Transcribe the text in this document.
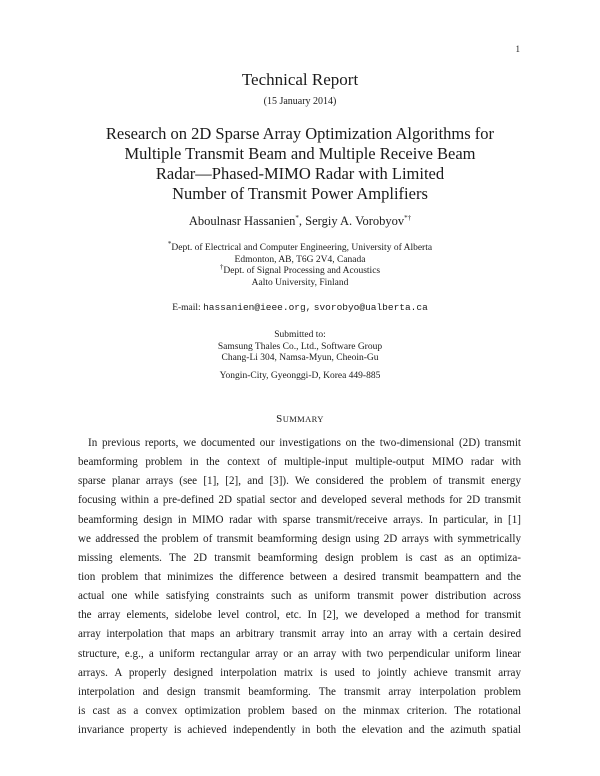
1
Technical Report
(15 January 2014)
Research on 2D Sparse Array Optimization Algorithms for
Multiple Transmit Beam and Multiple Receive Beam
Radar—Phased-MIMO Radar with Limited
Number of Transmit Power Amplifiers
Aboulnasr Hassanien*, Sergiy A. Vorobyov*†
*Dept. of Electrical and Computer Engineering, University of Alberta
Edmonton, AB, T6G 2V4, Canada
†Dept. of Signal Processing and Acoustics
Aalto University, Finland
E-mail: hassanien@ieee.org, svorobyo@ualberta.ca
Submitted to:
Samsung Thales Co., Ltd., Software Group
Chang-Li 304, Namsa-Myun, Cheoin-Gu
Yongin-City, Gyeonggi-D, Korea 449-885
SUMMARY
In previous reports, we documented our investigations on the two-dimensional (2D) transmit
beamforming problem in the context of multiple-input multiple-output MIMO radar with
sparse planar arrays (see [1], [2], and [3]). We considered the problem of transmit energy
focusing within a pre-defined 2D spatial sector and developed several methods for 2D transmit
beamforming design in MIMO radar with sparse transmit/receive arrays. In particular, in [1]
we addressed the problem of transmit beamforming design using 2D arrays with symmetrically
missing elements. The 2D transmit beamforming design problem is cast as an optimiza-
tion problem that minimizes the difference between a desired transmit beampattern and the
actual one while satisfying constraints such as uniform transmit power distribution across
the array elements, sidelobe level control, etc. In [2], we developed a method for transmit
array interpolation that maps an arbitrary transmit array into an array with a certain desired
structure, e.g., a uniform rectangular array or an array with two perpendicular uniform linear
arrays. A properly designed interpolation matrix is used to jointly achieve transmit array
interpolation and design transmit beamforming. The transmit array interpolation problem
is cast as a convex optimization problem based on the minmax criterion. The rotational
invariance property is achieved independently in both the elevation and the azimuth spatial
